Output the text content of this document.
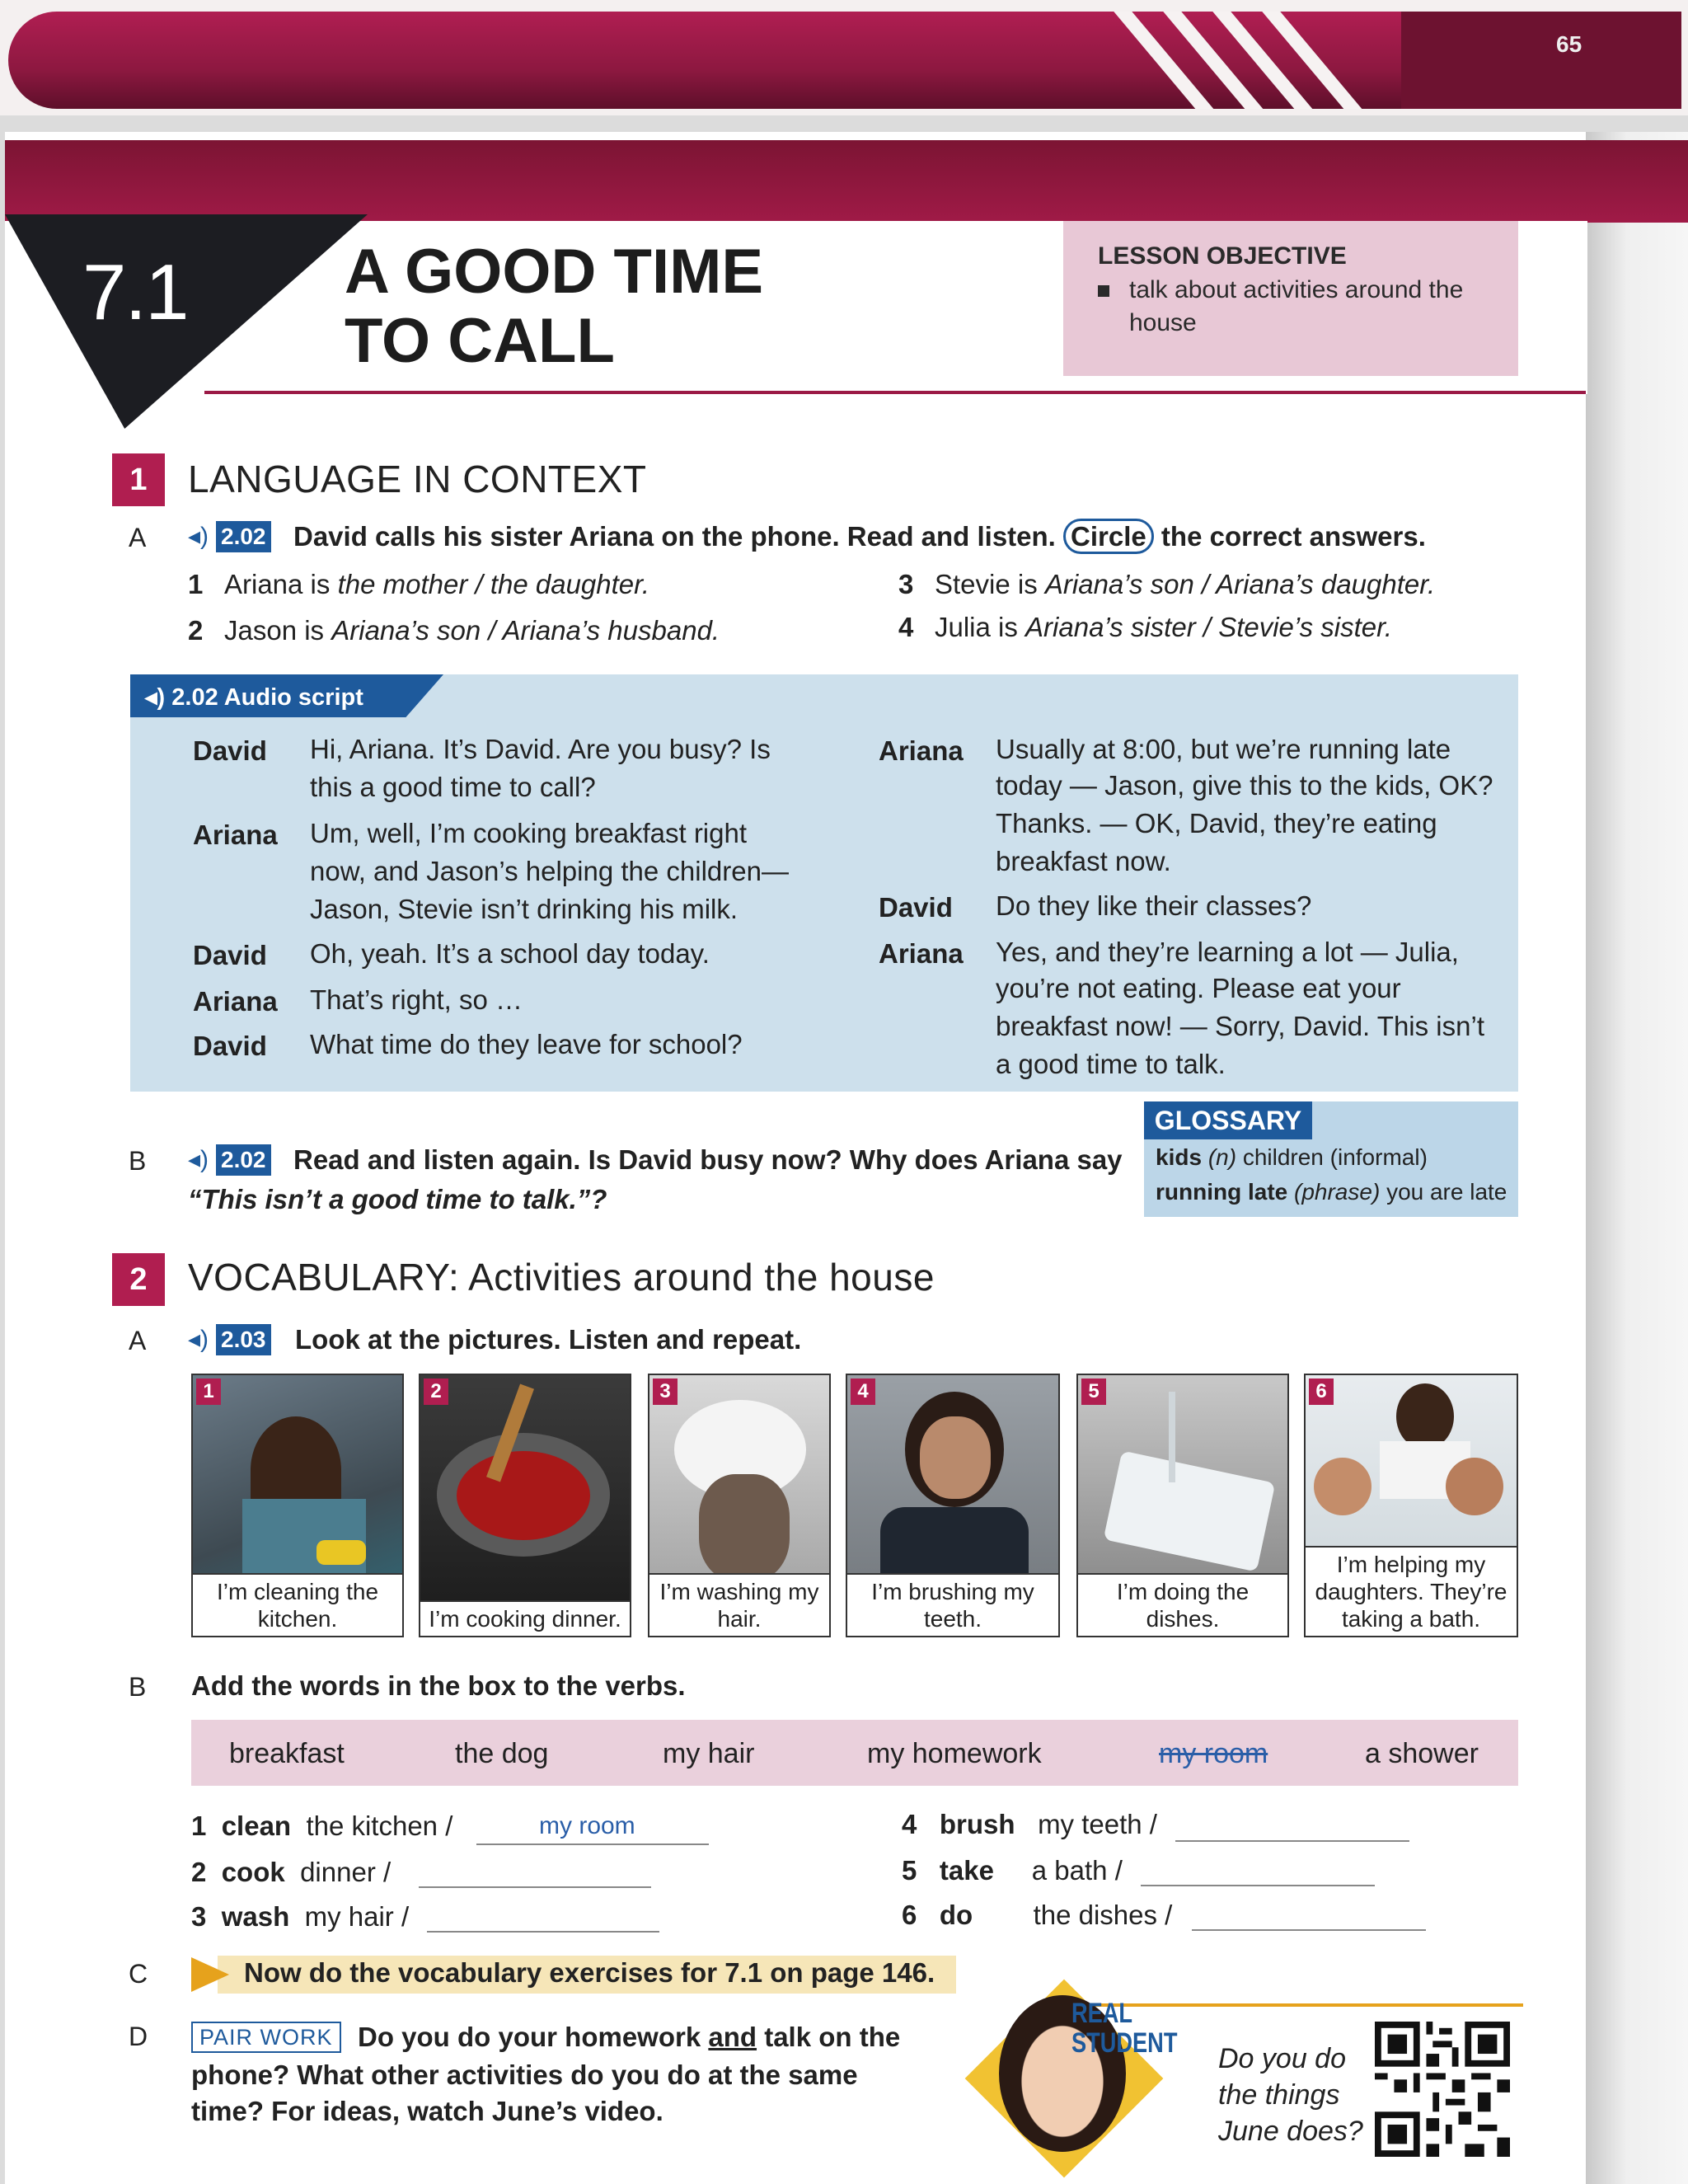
65
7.1	A GOOD TIME
TO CALL
LESSON OBJECTIVE
talk about activities around the house
1	LANGUAGE IN CONTEXT
A ◂) 2.02 David calls his sister Ariana on the phone. Read and listen. Circle the correct answers.
1 Ariana is the mother / the daughter.
2 Jason is Ariana’s son / Ariana’s husband.
3 Stevie is Ariana’s son / Ariana’s daughter.
4 Julia is Ariana’s sister / Stevie’s sister.
◂) 2.02 Audio script
David Hi, Ariana. It’s David. Are you busy? Is
this a good time to call?
Ariana Um, well, I’m cooking breakfast right
now, and Jason’s helping the children—
Jason, Stevie isn’t drinking his milk.
David Oh, yeah. It’s a school day today.
Ariana That’s right, so …
David What time do they leave for school?
Ariana Usually at 8:00, but we’re running late
today — Jason, give this to the kids, OK?
Thanks. — OK, David, they’re eating
breakfast now.
David Do they like their classes?
Ariana Yes, and they’re learning a lot — Julia,
you’re not eating. Please eat your
breakfast now! — Sorry, David. This isn’t
a good time to talk.
B ◂) 2.02 Read and listen again. Is David busy now? Why does Ariana say
“This isn’t a good time to talk.”?
GLOSSARY
kids (n) children (informal)
running late (phrase) you are late
2	VOCABULARY: Activities around the house
A ◂) 2.03 Look at the pictures. Listen and repeat.
1
I’m cleaning the kitchen.
2
I’m cooking dinner.
3
I’m washing my hair.
4
I’m brushing my teeth.
5
I’m doing the dishes.
6
I’m helping my daughters. They’re taking a bath.
B Add the words in the box to the verbs.
breakfast	the dog	my hair	my homework	my room	a shower
1 clean the kitchen /	my room
2 cook dinner /
3 wash my hair /
4 brush my teeth /
5 take a bath /
6 do the dishes /
C	Now do the vocabulary exercises for 7.1 on page 146.
D	PAIR WORK Do you do your homework and talk on the
phone? What other activities do you do at the same
time? For ideas, watch June’s video.
REAL
STUDENT Do you do
the things
June does?
